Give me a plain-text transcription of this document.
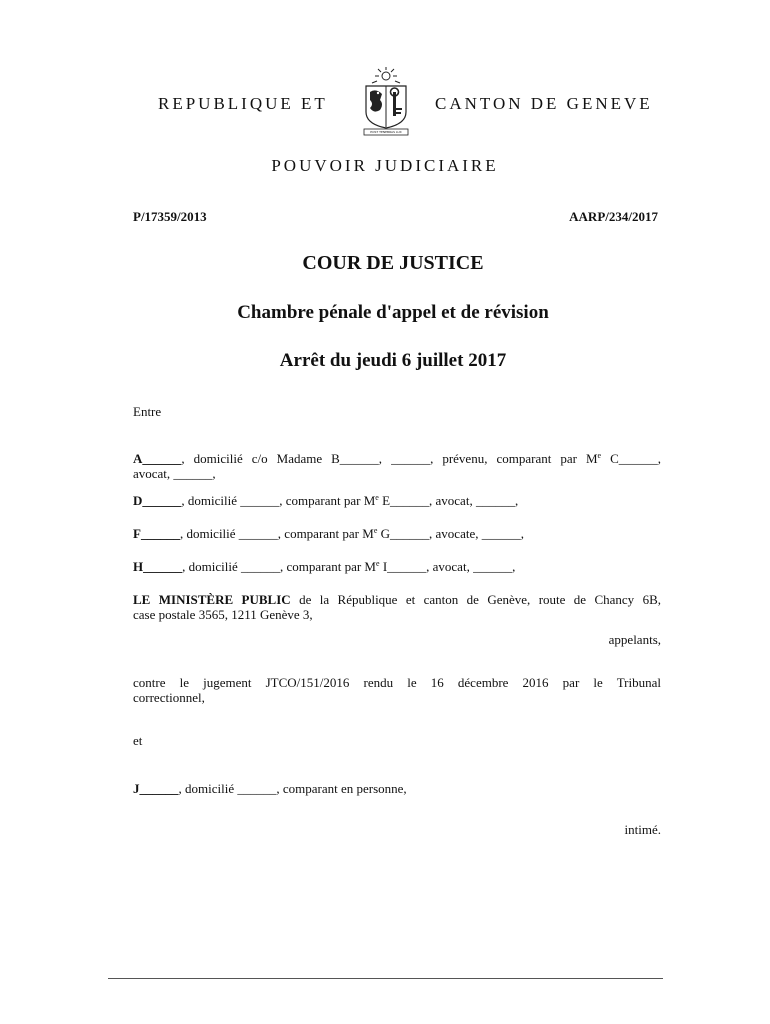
REPUBLIQUE ET
POST TENEBRAS LUX
CANTON DE GENEVE
POUVOIR JUDICIAIRE
P/17359/2013	AARP/234/2017
COUR DE JUSTICE
Chambre pénale d'appel et de révision
Arrêt du jeudi 6 juillet 2017
Entre
A______, domicilié c/o Madame B______, ______, prévenu, comparant par Me C______,
avocat, ______,
D______, domicilié ______, comparant par Me E______, avocat, ______,
F______, domicilié ______, comparant par Me G______, avocate, ______,
H______, domicilié ______, comparant par Me I______, avocat, ______,
LE MINISTÈRE PUBLIC de la République et canton de Genève, route de Chancy 6B,
case postale 3565, 1211 Genève 3,
appelants,
contre le jugement JTCO/151/2016 rendu le 16 décembre 2016 par le Tribunal
correctionnel,
et
J______, domicilié ______, comparant en personne,
intimé.
